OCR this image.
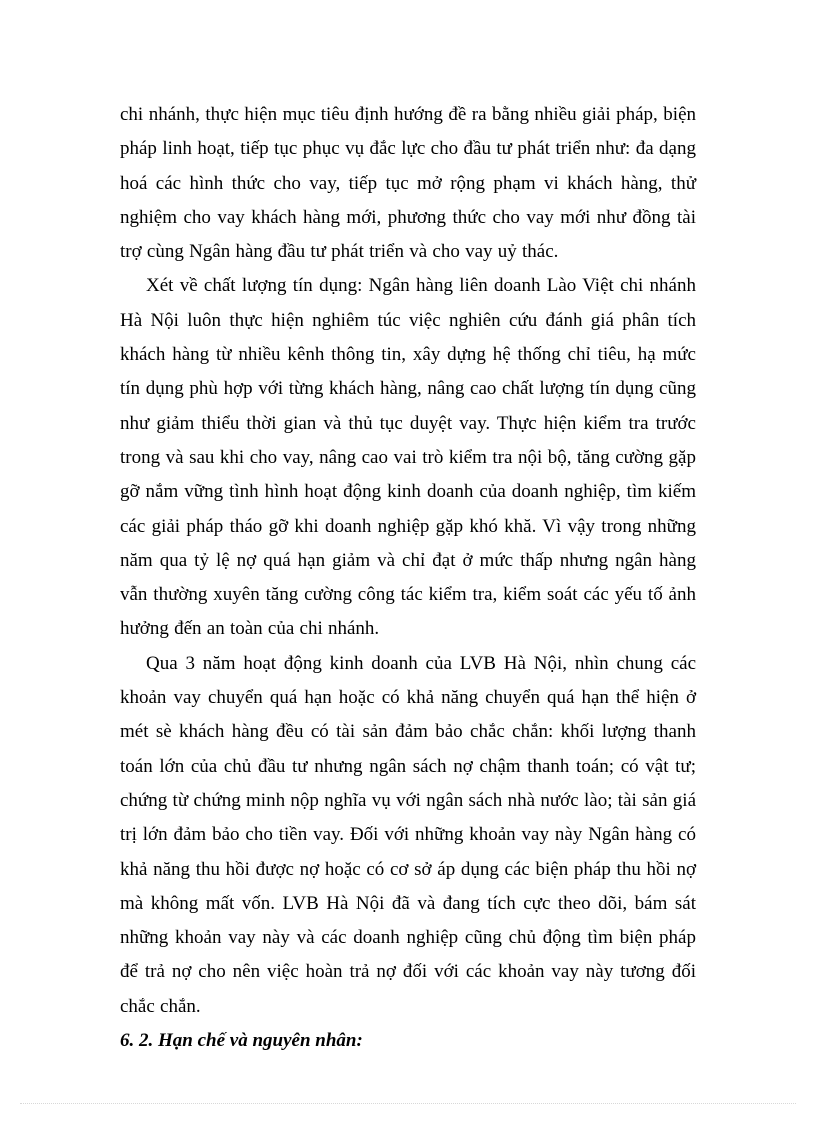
chi nhánh, thực hiện mục tiêu định hướng đề ra bằng nhiều giải pháp, biện pháp linh hoạt, tiếp tục phục vụ đắc lực cho đầu tư phát triển như: đa dạng hoá các hình thức cho vay, tiếp tục mở rộng phạm vi khách hàng, thử nghiệm cho vay khách hàng mới, phương thức cho vay mới như đồng tài trợ cùng Ngân hàng đầu tư phát triển và cho vay uỷ thác.

Xét về chất lượng tín dụng: Ngân hàng liên doanh Lào Việt chi nhánh Hà Nội luôn thực hiện nghiêm túc việc nghiên cứu đánh giá phân tích khách hàng từ nhiều kênh thông tin, xây dựng hệ thống chỉ tiêu, hạ mức tín dụng phù hợp với từng khách hàng, nâng cao chất lượng tín dụng cũng như giảm thiểu thời gian và thủ tục duyệt vay. Thực hiện kiểm tra trước trong và sau khi cho vay, nâng cao vai trò kiểm tra nội bộ, tăng cường gặp gỡ nắm vững tình hình hoạt động kinh doanh của doanh nghiệp, tìm kiếm các giải pháp tháo gỡ khi doanh nghiệp gặp khó khă. Vì vậy trong những năm qua tỷ lệ nợ quá hạn giảm và chỉ đạt ở mức thấp nhưng ngân hàng vẫn thường xuyên tăng cường công tác kiểm tra, kiểm soát các yếu tố ảnh hưởng đến an toàn của chi nhánh.

Qua 3 năm hoạt động kinh doanh của LVB Hà Nội, nhìn chung các khoản vay chuyển quá hạn hoặc có khả năng chuyển quá hạn thể hiện ở mét sè khách hàng đều có tài sản đảm bảo chắc chắn: khối lượng thanh toán lớn của chủ đầu tư nhưng ngân sách nợ chậm thanh toán; có vật tư; chứng từ chứng minh nộp nghĩa vụ với ngân sách nhà nước lào; tài sản giá trị lớn đảm bảo cho tiền vay. Đối với những khoản vay này Ngân hàng có khả năng thu hồi được nợ hoặc có cơ sở áp dụng các biện pháp thu hồi nợ mà không mất vốn. LVB Hà Nội đã và đang tích cực theo dõi, bám sát những khoản vay này và các doanh nghiệp cũng chủ động tìm biện pháp để trả nợ cho nên việc hoàn trả nợ đối với các khoản vay này tương đối chắc chắn.

6. 2. Hạn chế và nguyên nhân:
